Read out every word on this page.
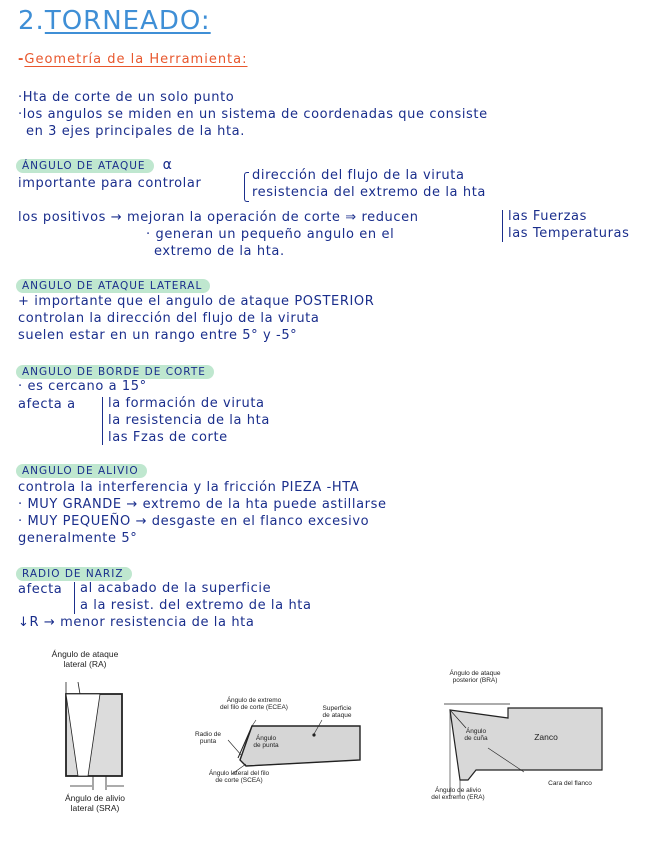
2.TORNEADO:
-Geometría de la Herramienta:
·Hta de corte de un solo punto
·los angulos se miden en un sistema de coordenadas que consiste
en 3 ejes principales de la hta.
ÁNGULO DE ATAQUE α
importante para controlar
dirección del flujo de la viruta
resistencia del extremo de la hta
los positivos → mejoran la operación de corte ⇒ reducen	las Fuerzas
las Temperaturas
· generan un pequeño angulo en el
extremo de la hta.
ANGULO DE ATAQUE LATERAL
+ importante que el angulo de ataque POSTERIOR
controlan la dirección del flujo de la viruta
suelen estar en un rango entre 5° y -5°
ANGULO DE BORDE DE CORTE
· es cercano a 15°
afecta a la formación de viruta
la resistencia de la hta
las Fzas de corte
ANGULO DE ALIVIO
controla la interferencia y la fricción PIEZA -HTA
· MUY GRANDE → extremo de la hta puede astillarse
· MUY PEQUEÑO → desgaste en el flanco excesivo
generalmente 5°
RADIO DE NARIZ
afecta al acabado de la superficie
a la resist. del extremo de la hta
↓R → menor resistencia de la hta
Ángulo de ataque
lateral (RA)
Ángulo de alivio
lateral (SRA)
Ángulo de extremo
del filo de corte (ECEA)	Superficie
de ataque
Radio de
punta	Ángulo
de punta
Ángulo lateral del filo
de corte (SCEA)
Ángulo de ataque
posterior (BRA)
Ángulo
de cuña	Zanco
Ángulo de alivio
del extremo (ERA)
Cara del flanco
